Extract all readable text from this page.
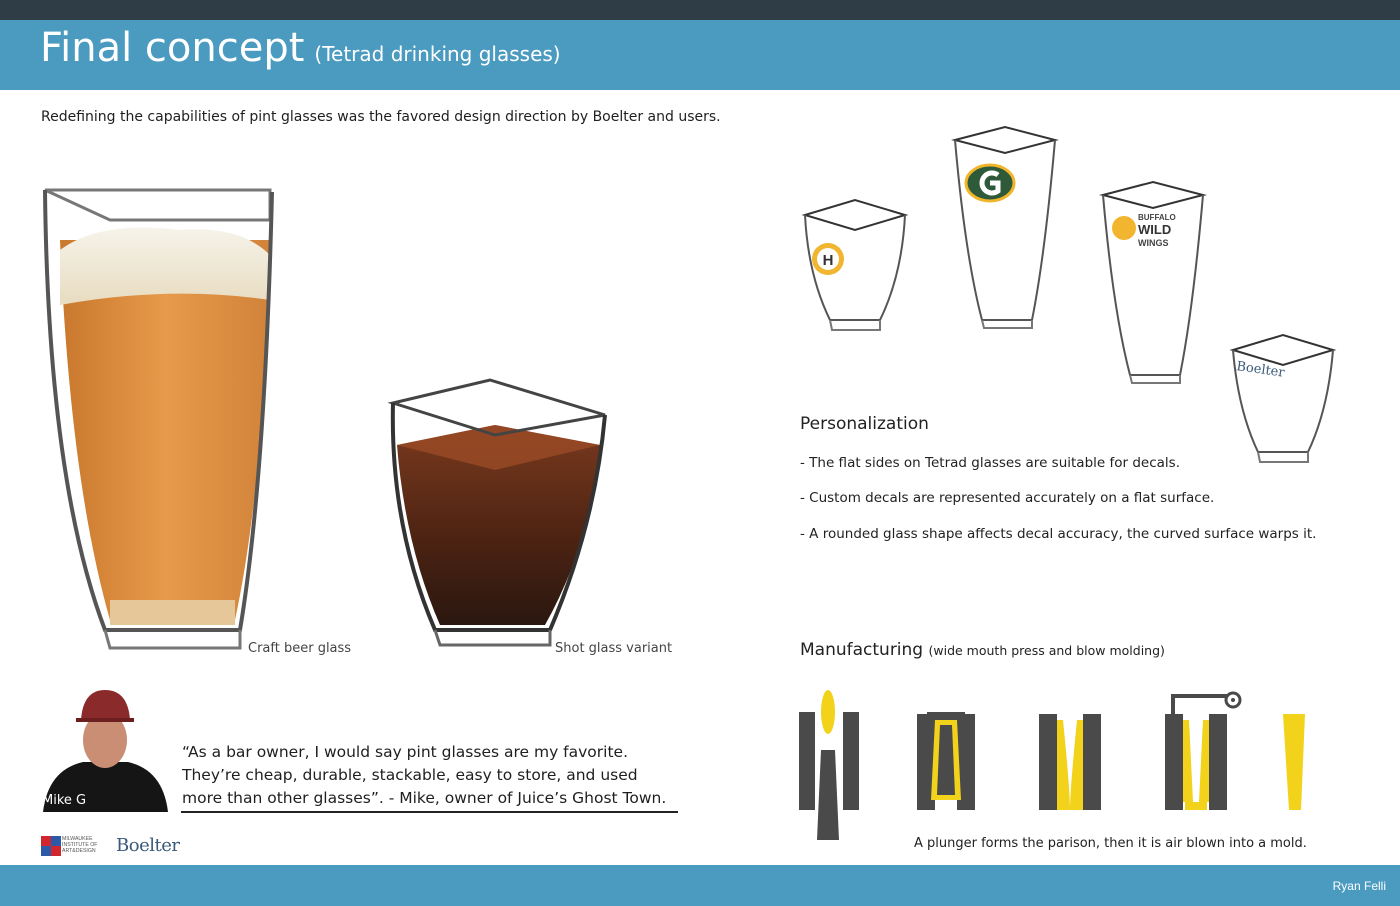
Final concept (Tetrad drinking glasses)
Redefining the capabilities of pint glasses was the favored design direction by Boelter and users.
Craft beer glass	Shot glass variant
H
BUFFALO
WILD
WINGS
Boelter
Personalization
- The flat sides on Tetrad glasses are suitable for decals.
- Custom decals are represented accurately on a flat surface.
- A rounded glass shape affects decal accuracy, the curved surface warps it.
Manufacturing (wide mouth press and blow molding)
A plunger forms the parison, then it is air blown into a mold.
Mike G
“As a bar owner, I would say pint glasses are my favorite. They’re cheap, durable, stackable, easy to store, and used more than other glasses”. - Mike, owner of Juice’s Ghost Town.
MILWAUKEE INSTITUTE OF ART&DESIGN	Boelter
Ryan Felli
